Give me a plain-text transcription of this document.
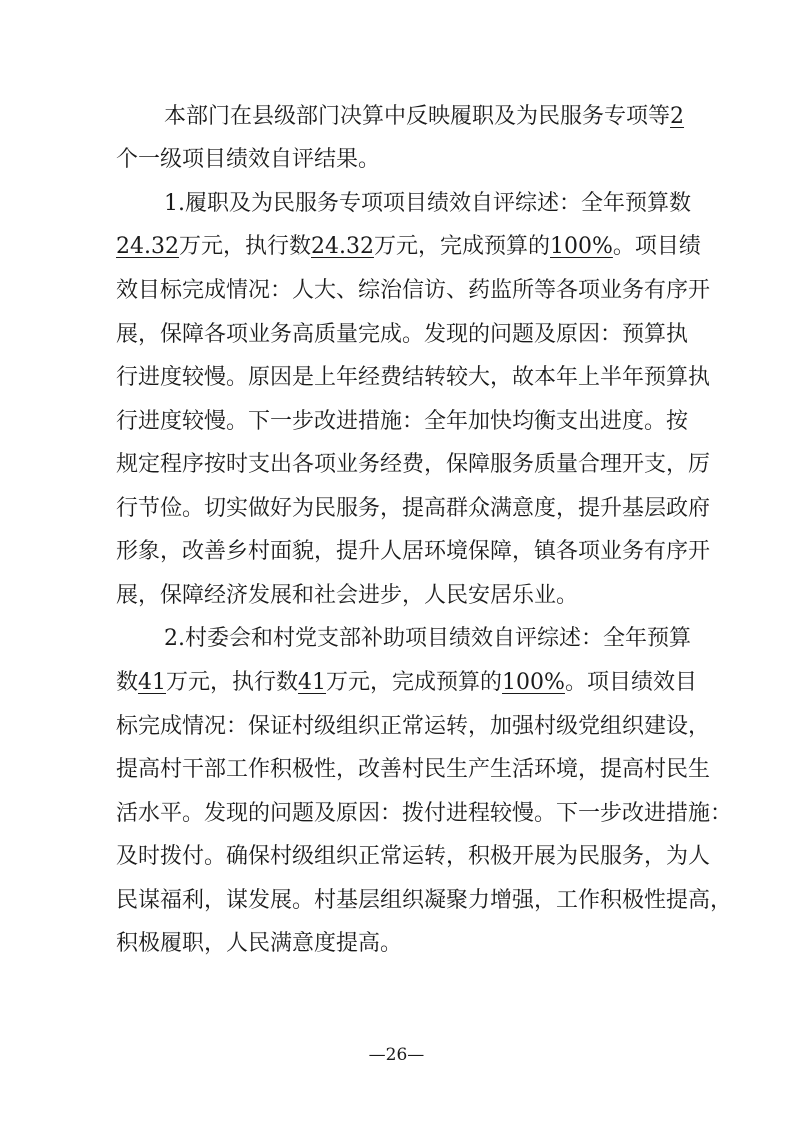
本部门在县级部门决算中反映履职及为民服务专项等2
个一级项目绩效自评结果。
1.履职及为民服务专项项目绩效自评综述：全年预算数
24.32万元，执行数24.32万元，完成预算的100%。项目绩
效目标完成情况：人大、综治信访、药监所等各项业务有序开
展，保障各项业务高质量完成。发现的问题及原因：预算执
行进度较慢。原因是上年经费结转较大，故本年上半年预算执
行进度较慢。下一步改进措施：全年加快均衡支出进度。按
规定程序按时支出各项业务经费，保障服务质量合理开支，厉
行节俭。切实做好为民服务，提高群众满意度，提升基层政府
形象，改善乡村面貌，提升人居环境保障，镇各项业务有序开
展，保障经济发展和社会进步，人民安居乐业。
2.村委会和村党支部补助项目绩效自评综述：全年预算
数41万元，执行数41万元，完成预算的100%。项目绩效目
标完成情况：保证村级组织正常运转，加强村级党组织建设，
提高村干部工作积极性，改善村民生产生活环境，提高村民生
活水平。发现的问题及原因：拨付进程较慢。下一步改进措施：
及时拨付。确保村级组织正常运转，积极开展为民服务，为人
民谋福利，谋发展。村基层组织凝聚力增强，工作积极性提高，
积极履职，人民满意度提高。
—26—
